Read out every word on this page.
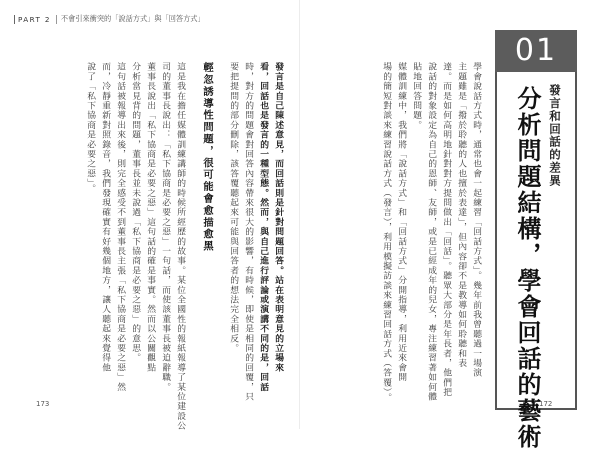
PART 2 不會引來衝突的「說話方式」與「回答方式」
01
發言和回話的差異
分析問題結構，學會回話的藝術
學會說話方式時，通常也會一起練習「回話方式」。幾年前我曾聽過一場演
主題雖是「撥於聆聽的人也擅於表達」，但內容卻不是教導如何聆聽和表
達。而是如何高明地針對對方提問做出「回話」。聽眾大部分是年長者，他們把
說話的對象設定為自己的恩師、友師，或是已經成年的兒女，專注練習著如何體
貼地回答問題。
媒體訓練中，我們將「說話方式」和「回話方式」分開指導，利用近來會開
場的簡短對談來練習說話方式（發言），利用模擬訪談來練習回話方式（答覆）。
發言是自己陳述意見，而回話則是針對問題回答。站在表明意見的立場來
看，回話也是發言的一種型態。然而，與自己進行評論或演講不同的是，回話
時，對方的問題會對回答內容帶來很大的影響，有時候，即使是相同的回覆，只
要把提問的部分刪除，該答覆聽起來可能與回答者的想法完全相反。
輕忽誘導性問題，很可能會愈描愈黑
這是我在擔任媒體訓練講師的時候所經歷的故事。某位全國性的報紙報導了某位建設公
司的董事長說出：「私下協商是必要之惡」一句話，而使該董事長被迫辭職。
董事長說出「私下協商是必要之惡」這句話的確是事實。然而以公關觀點
分析當見背的問題，董事長並未說過「私下協商是必要之惡」的意思。
這句話被報導出來後，則完全感受不到董事長主張「私下協商是必要之惡」然
而，冷靜重新對照錄音，我們發現確實有好幾個地方，讓人聽起來覺得他
說了「私下協商是必要之惡」。
173	172
